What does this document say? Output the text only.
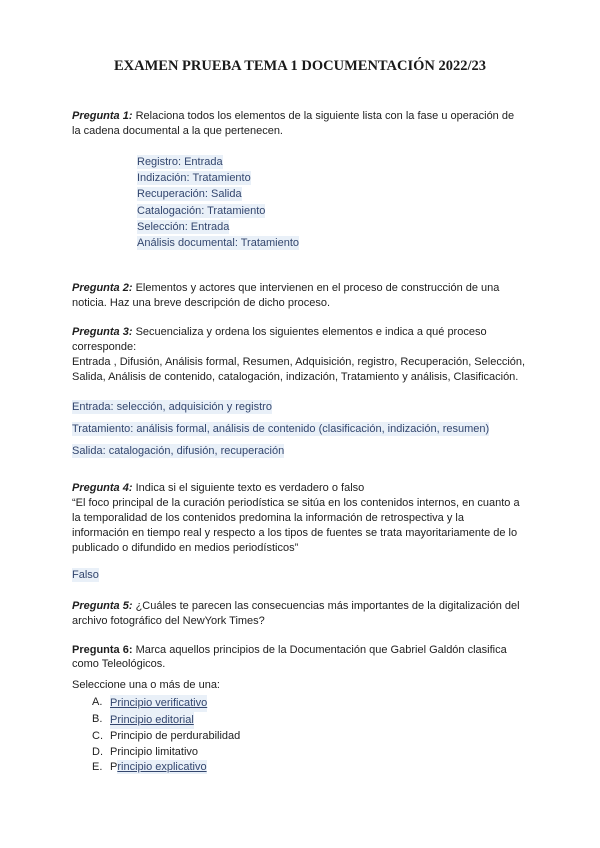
EXAMEN PRUEBA TEMA 1 DOCUMENTACIÓN 2022/23

Pregunta 1: Relaciona todos los elementos de la siguiente lista con la fase u operación de la cadena documental a la que pertenecen.

Registro: Entrada
Indización: Tratamiento
Recuperación: Salida
Catalogación: Tratamiento
Selección: Entrada
Análisis documental: Tratamiento

Pregunta 2: Elementos y actores que intervienen en el proceso de construcción de una noticia. Haz una breve descripción de dicho proceso.

Pregunta 3: Secuencializa y ordena los siguientes elementos e indica a qué proceso corresponde:

Entrada , Difusión, Análisis formal, Resumen, Adquisición, registro, Recuperación, Selección, Salida, Análisis de contenido, catalogación, indización, Tratamiento y análisis, Clasificación.

Entrada: selección, adquisición y registro
Tratamiento: análisis formal, análisis de contenido (clasificación, indización, resumen)
Salida: catalogación, difusión, recuperación

Pregunta 4: Indica si el siguiente texto es verdadero o falso

“El foco principal de la curación periodística se sitúa en los contenidos internos, en cuanto a la temporalidad de los contenidos predomina la información de retrospectiva y la información en tiempo real y respecto a los tipos de fuentes se trata mayoritariamente de lo publicado o difundido en medios periodísticos”

Falso

Pregunta 5: ¿Cuáles te parecen las consecuencias más importantes de la digitalización del archivo fotográfico del NewYork Times?

Pregunta 6: Marca aquellos principios de la Documentación que Gabriel Galdón clasifica como Teleológicos.

Seleccione una o más de una:

A. Principio verificativo
B. Principio editorial
C. Principio de perdurabilidad
D. Principio limitativo
E. Principio explicativo
